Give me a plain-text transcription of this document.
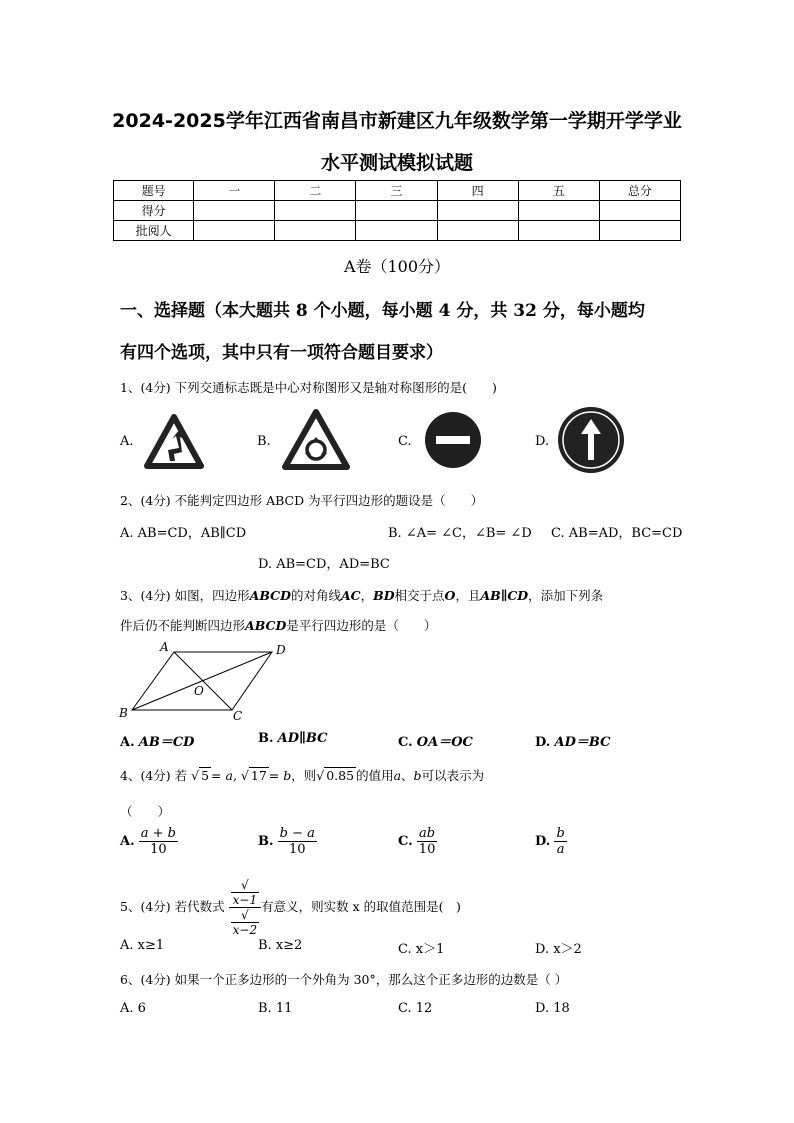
2024-2025学年江西省南昌市新建区九年级数学第一学期开学学业
水平测试模拟试题
题号	一	二	三	四	五	总分
得分						
批阅人						
A卷（100分）
一、选择题（本大题共 8 个小题，每小题 4 分，共 32 分，每小题均
有四个选项，其中只有一项符合题目要求）
1、(4分) 下列交通标志既是中心对称图形又是轴对称图形的是(　　)
A.	B.	C.	D.
2、(4分) 不能判定四边形 ABCD 为平行四边形的题设是（　　）
A. AB=CD，AB∥CD	B. ∠A= ∠C，∠B= ∠D C. AB=AD，BC=CD
D. AB=CD，AD=BC
3、(4分) 如图，四边形ABCD的对角线AC，BD相交于点O，且AB∥CD，添加下列条
件后仍不能判断四边形ABCD是平行四边形的是（　　）
A	D
B	C
O
A. AB＝CD	B. AD∥BC	C. OA＝OC	D. AD＝BC
4、(4分) 若 √ 5 = a, √ 17 = b，则√ 0.85 的值用a、b可以表示为
（　　）
A. $\frac{a + b}{10}$	B. $\frac{b - a}{10}$	C. $\frac{ab}{10}$	D. $\frac{b}{a}$
5、(4分) 若代数式 √
x−1
√
x−2 有意义，则实数 x 的取值范围是(　)
A. x≥1	B. x≥2	C. x＞1	D. x＞2
6、(4分) 如果一个正多边形的一个外角为 30°，那么这个正多边形的边数是（ ）
A. 6	B. 11	C. 12	D. 18
